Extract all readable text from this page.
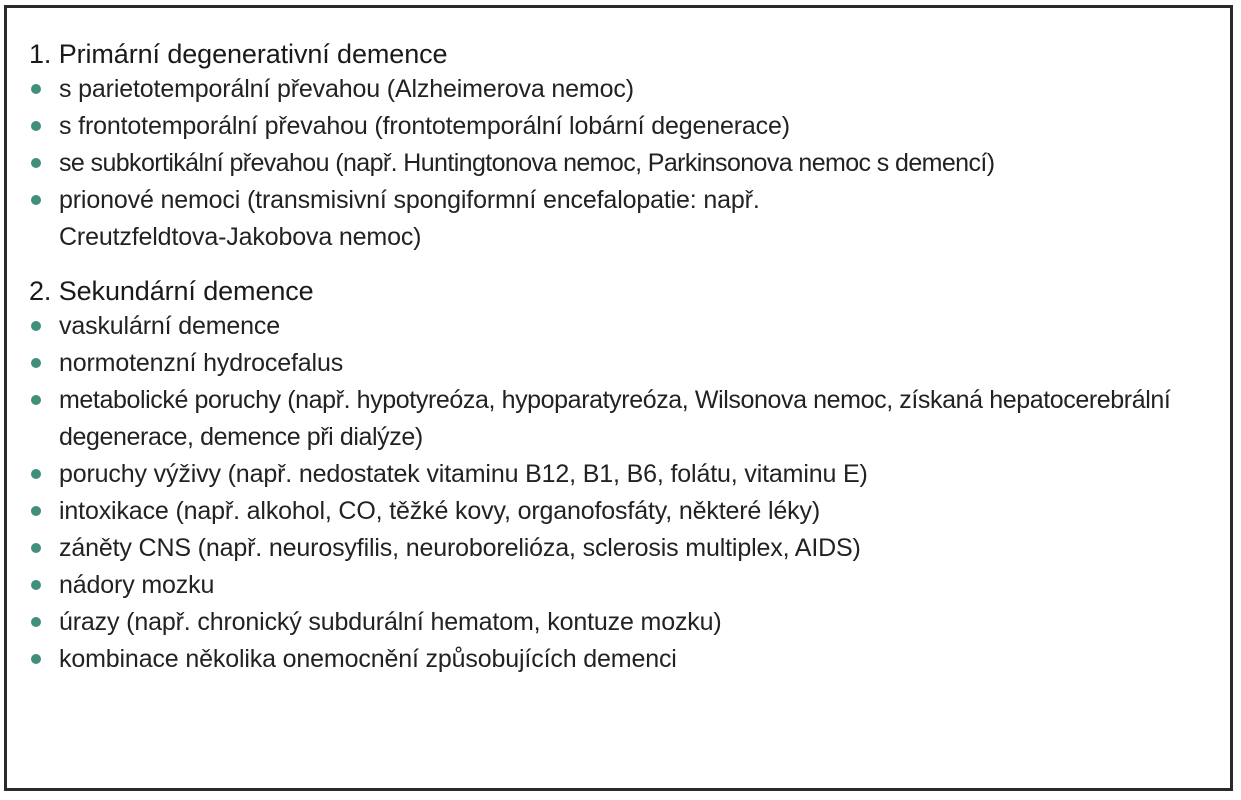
1. Primární degenerativní demence

s parietotemporální převahou (Alzheimerova nemoc)
s frontotemporální převahou (frontotemporální lobární degenerace)
se subkortikální převahou (např. Huntingtonova nemoc, Parkinsonova nemoc s demencí)
prionové nemoci (transmisivní spongiformní encefalopatie: např. Creutzfeldtova-Jakobova nemoc)

2. Sekundární demence

vaskulární demence
normotenzní hydrocefalus
metabolické poruchy (např. hypotyreóza, hypoparatyreóza, Wilsonova nemoc, získaná hepatocerebrální degenerace, demence při dialýze)
poruchy výživy (např. nedostatek vitaminu B12, B1, B6, folátu, vitaminu E)
intoxikace (např. alkohol, CO, těžké kovy, organofosfáty, některé léky)
záněty CNS (např. neurosyfilis, neuroborelióza, sclerosis multiplex, AIDS)
nádory mozku
úrazy (např. chronický subdurální hematom, kontuze mozku)
kombinace několika onemocnění způsobujících demenci
